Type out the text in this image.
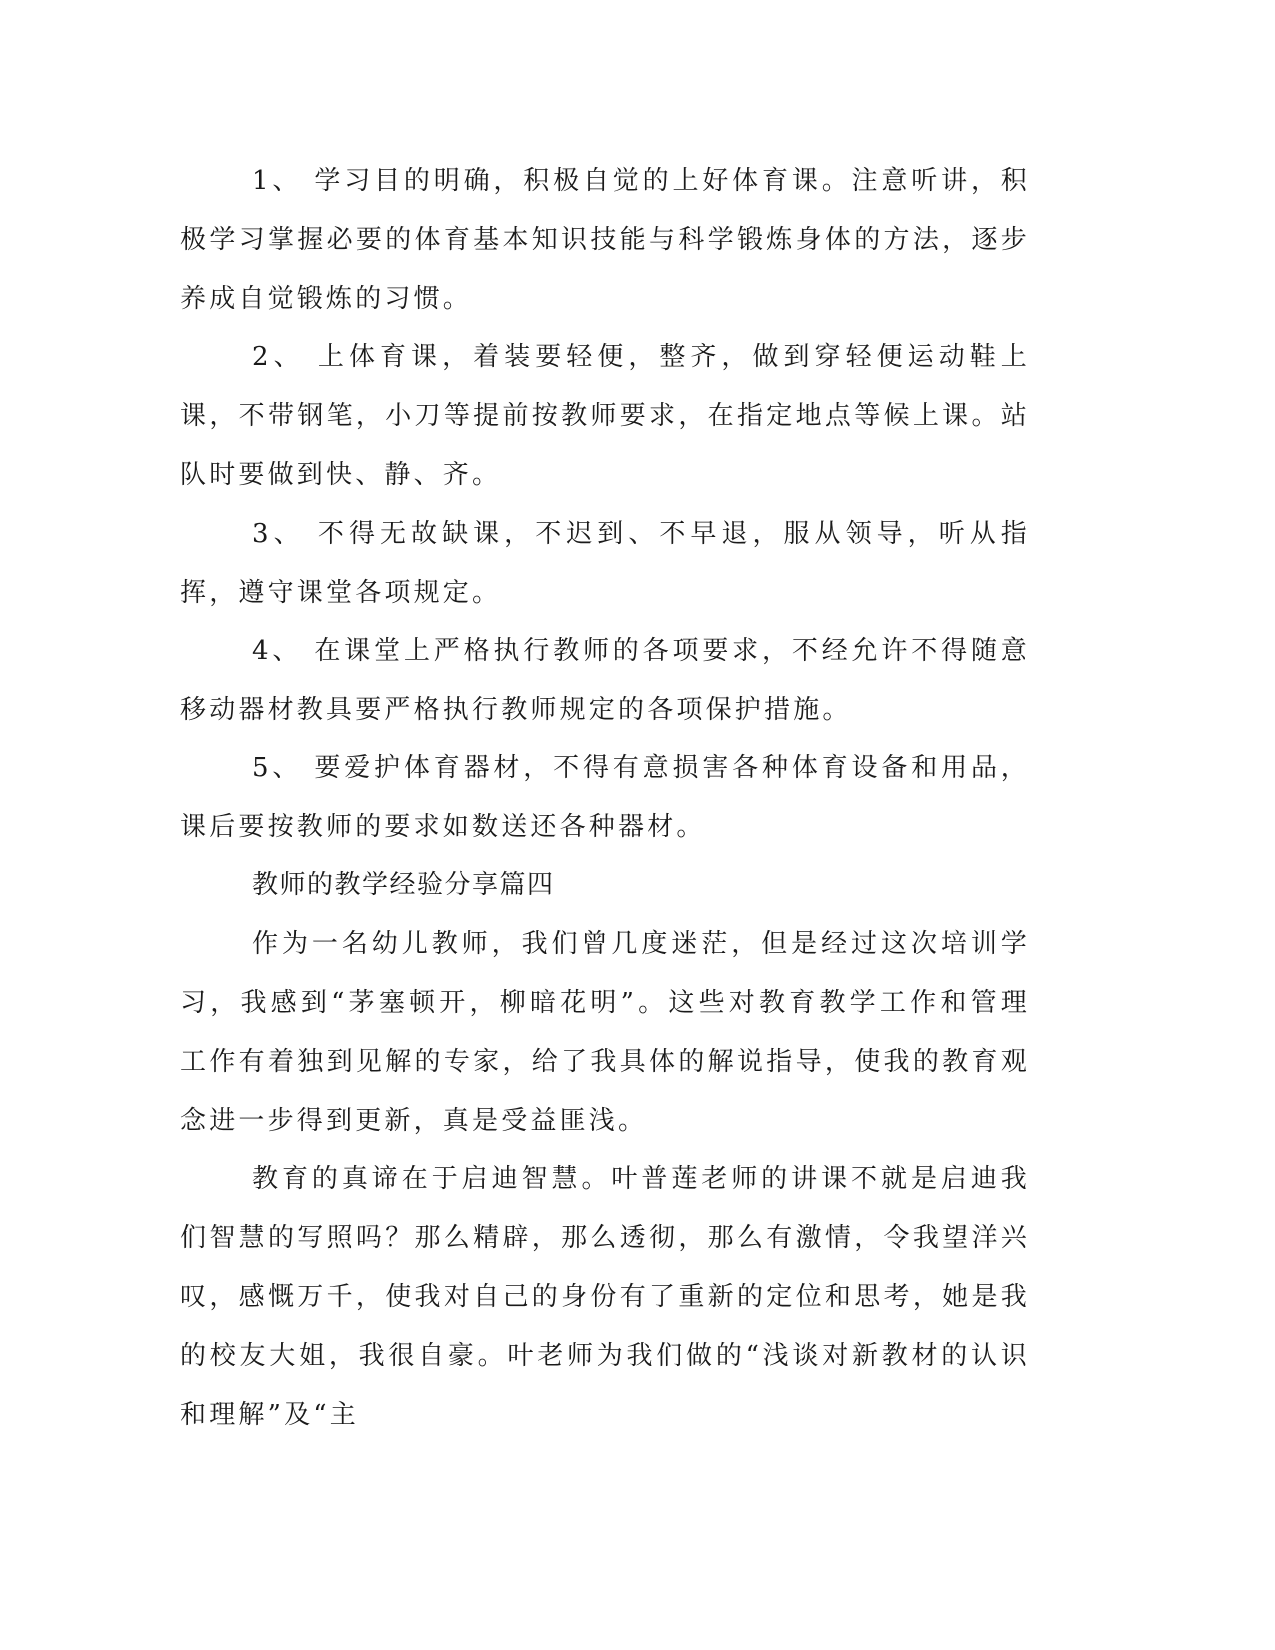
1、 学习目的明确，积极自觉的上好体育课。注意听讲，积极学习掌握必要的体育基本知识技能与科学锻炼身体的方法，逐步养成自觉锻炼的习惯。

2、 上体育课，着装要轻便，整齐，做到穿轻便运动鞋上课，不带钢笔，小刀等提前按教师要求，在指定地点等候上课。站队时要做到快、静、齐。

3、 不得无故缺课，不迟到、不早退，服从领导，听从指挥，遵守课堂各项规定。

4、 在课堂上严格执行教师的各项要求，不经允许不得随意移动器材教具要严格执行教师规定的各项保护措施。

5、 要爱护体育器材，不得有意损害各种体育设备和用品，课后要按教师的要求如数送还各种器材。

教师的教学经验分享篇四

作为一名幼儿教师，我们曾几度迷茫，但是经过这次培训学习，我感到“茅塞顿开，柳暗花明”。这些对教育教学工作和管理工作有着独到见解的专家，给了我具体的解说指导，使我的教育观念进一步得到更新，真是受益匪浅。

教育的真谛在于启迪智慧。叶普莲老师的讲课不就是启迪我们智慧的写照吗？那么精辟，那么透彻，那么有激情，令我望洋兴叹，感慨万千，使我对自己的身份有了重新的定位和思考，她是我的校友大姐，我很自豪。叶老师为我们做的“浅谈对新教材的认识和理解”及“主
